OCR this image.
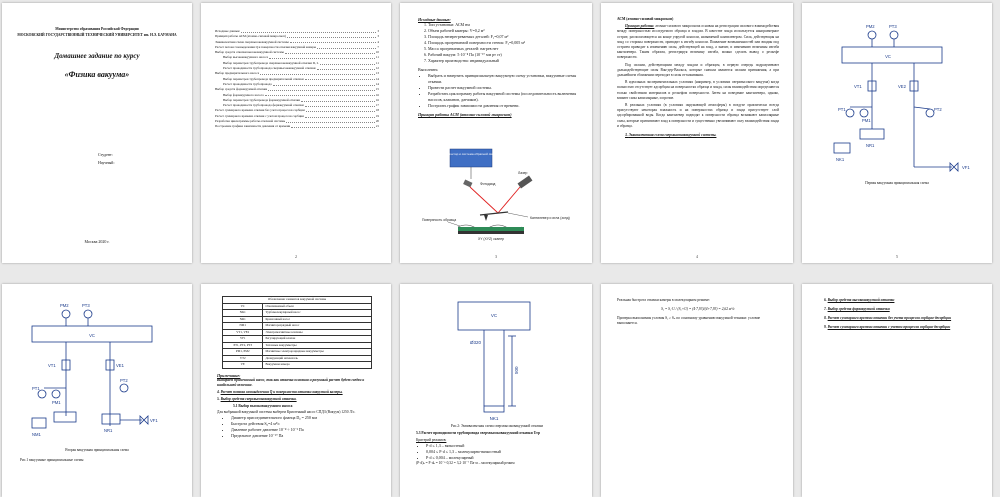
Министерство образования Российской Федерации
МОСКОВСКИЙ ГОСУДАРСТВЕННЫЙ ТЕХНИЧЕСКИЙ УНИВЕРСИТЕТ им. Н.Э. БАУМАНА
Домашнее задание по курсу
«Физика вакуума»
Студент:
Научный:
Москва 2020 г.
Исходные данные:	3
Принцип работы АСМ (атомно-силовой микроскоп)	3
Эквивалентная схема сверхвысоковакуумной системы	4
Расчет потока газовыделения Q и поверхности откачки вакуумной камеры	7
Выбор средств откачки высоковакуумной системы	10
Выбор высоковакуумного насоса	11
Выбор параметров трубопровода сверхвысоковакуумной откачки D, L	11
Расчет проводимости трубопровода сверхвысоковакуумной откачки	12
Выбор предварительного насоса	13
Выбор параметров трубопровода предварительной откачки	14
Расчет проводимости трубопровода	14
Выбор средств форвакуумной откачки	15
Выбор форвакуумного насоса	16
Выбор параметров трубопровода форвакуумной откачки	16
Расчет проводимости трубопровода форвакуумной откачки	17
Расчет суммарного времени откачки без учета процессов сорбции	18
Расчет суммарного времени откачки с учетом процессов сорбции	19
Разработка циклограммы работы откачной системы	20
Построение графика зависимости давления от времени	21
2
Исходные данные:
1. Тип установки: АСМ нм
2. Объем рабочей камеры: V=0,2 м³
3. Площадь неперегреваемых деталей: F₁=0,07 м²
4. Площадь прогреваемой поверхности стенок: F₂=0,005 м²
5. Масса прогреваемых деталей: нагрев нет
6. Рабочий вакуум: 5·10⁻⁸ Па (10⁻¹⁰ мм рт ст)
7. Характер производства: индивидуальный
Выполнить:
• Выбрать и начертить принципиальную вакуумную схему установки, вакуумные схемы откачки.
• Провести расчет вакуумной системы.
• Разработать циклограмму работы вакуумной системы (последовательность включения насосов, клапанов, датчиков).
• Построить график зависимости давления от времени.
Принцип работы АСМ (атомно-силовой микроскоп)
Детектор и система обратной связи
Фотодиод
Лазер
Поверхность образца	Кантилевер и игла (зонд)
XY (XYZ) сканер
3
АСМ (атомно-силовой микроскоп)

Принцип работы: атомно-силового микроскопа основан на регистрации силового взаимодействия между поверхностью исследуемого образца и зондом. В качестве зонда используется наноразмерное острие, располагающееся на конце упругой консоли, называемой кантилевером. Сила, действующая на зонд со стороны поверхности, приводит к изгибу консоли. Появление возвышенностей или впадин под острием приводит к изменению силы, действующей на зонд, а значит, и изменению величины изгиба кантилевера. Таким образом, регистрируя величину изгиба, можно сделать вывод о рельефе поверхности.

Под силами, действующими между зондом и образцом, в первую очередь подразумевают дальнодействующие силы Ван-дер-Ваальса, которые сначала являются силами притяжения, а при дальнейшем сближении переходят в силы отталкивания.

В идеальных экспериментальных условиях (например, в условиях сверхвысокого вакуума) когда полностью отсутствует адсорбция на поверхностях образца и зонда, силы взаимодействия определяются только свойствами материалов и рельефом поверхности. Затем на поведение кантилевера, однако, влияют силы капиллярные, и прочие.

В реальных условиях (в условиях окружающей атмосферы) в воздухе практически всегда присутствуют некоторая влажность и на поверхностях образца и зонда присутствует слой адсорбированной воды. Когда кантилевер подводят к поверхности образца возникают капиллярные силы, которые притягивают зонд к поверхности и существенно увеличивают силу взаимодействия зонда и образца.

3. Эквивалентная схема сверхвысоковакуумной системы.
4
PM2	PT3
VC
VT1	VE2
PT1
PM1
PT2
NR1
NK1
VF1
Первая вакуумная принципиальная схема
5
PM2	PT3
VC
VT1	VE1
PT2
PT1
PM1
NR1
VF1
NM1
Вторая вакуумная принципиальная схема
Рис.1 вакуумные принципиальные схемы
Обозначение элементов вакуумной системы	
VC	Откачиваемый объем
NK1	Турбомолекулярный насос
NR1	Криогенный насос
NM1	Магниторазрядный насос
VT1, VE2	Электромагнитные клапаны
VF1	Регулирующий клапан
PT1, PT2, PT3	Тепловые вакуумметры
PM1, PM2	Магнитные электроразрядные вакуумметры
VT2	Дозирующий натекатель
VE	Вакуумная камера
Примечание:
Выбираем применимый насос, так как откачка основная и разумный расчет будет сведен к наибольшей величине.
4. Расчет потока газовыделения Q и поверхности откачки вакуумной камеры.
5. Выбор средств сверхвысоковакуумной откачки.
5.1 Выбор высоковакуумного насоса
Для выбранной вакуумной системы выберем Криогенный насос СПДЗ (Вакуум) 1250 Л/с.
• Диаметр присоединительного фланца D₀ = 250 мм
• Быстрота действия S₀=4 м³/с
• Давление рабочее давление 10⁻⁸ ÷ 10⁻³ Па
• Предельное давление 10⁻¹⁰ Па
VC
Ø320
500
NK1
Рис.2: Эквивалентная схема сверхвысоковакуумной откачки
5.3 Расчет проводимости трубопровода сверхвысоковакуумной откачки Uтр
Критерий режимов:
• P·d ≤ 1,3 – вязкостный
• 0,004 ≤ P·d ≤ 1,3 – молекулярно-вязкостный
• P·d ≤ 0,004 – молекулярный
(P·d)ₖ = P·dₖ = 10⁻⁶·0,32 = 3,2·10⁻⁷ Па·м – молекулярный режим
Реальная быстрота откачки камеры в молекулярном режиме:
Sₒ = S₀·U / (S₀+U) = (4·7,93)/(4+7,93) = 2,62 м³/с
Проверка выполнения условия Sₒ ≥ Sₙ по основному уравнению вакуумной техники: условие выполняется.
6. Выбор средств высоковакуумной откачки
7. Выбор средств форвакуумной откачки
8. Расчет суммарного времени откачки без учета процессов сорбции-десорбции
9. Расчет суммарного времени откачки с учетом процессов сорбции-десорбции
